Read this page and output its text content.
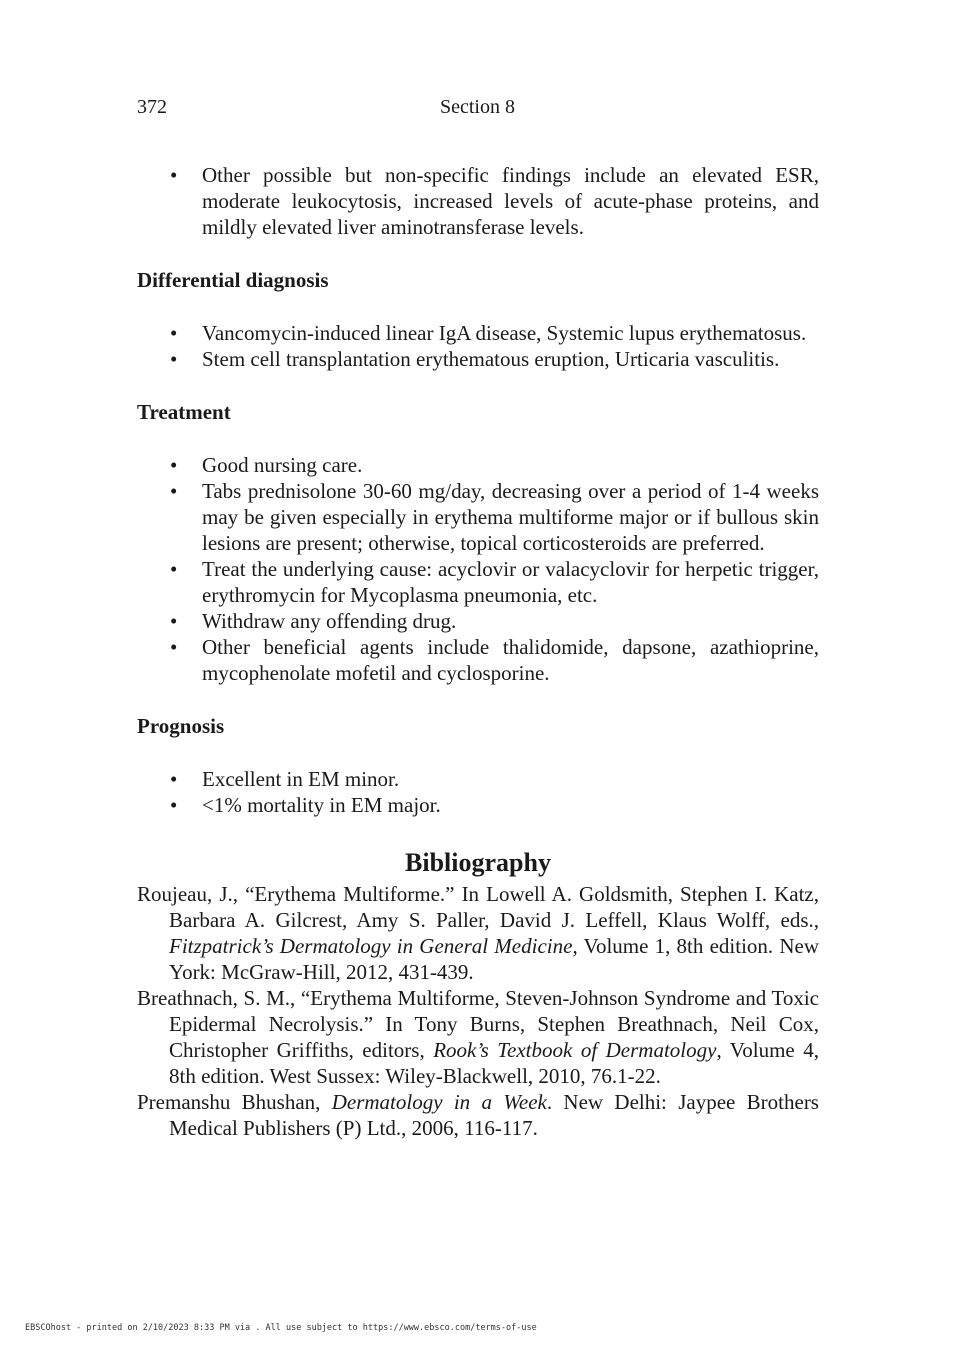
372	Section 8
• Other possible but non-specific findings include an elevated ESR, moderate leukocytosis, increased levels of acute-phase proteins, and mildly elevated liver aminotransferase levels.

Differential diagnosis

• Vancomycin-induced linear IgA disease, Systemic lupus erythematosus.
• Stem cell transplantation erythematous eruption, Urticaria vasculitis.

Treatment

• Good nursing care.
• Tabs prednisolone 30-60 mg/day, decreasing over a period of 1-4 weeks may be given especially in erythema multiforme major or if bullous skin lesions are present; otherwise, topical corticosteroids are preferred.
• Treat the underlying cause: acyclovir or valacyclovir for herpetic trigger, erythromycin for Mycoplasma pneumonia, etc.
• Withdraw any offending drug.
• Other beneficial agents include thalidomide, dapsone, azathioprine, mycophenolate mofetil and cyclosporine.

Prognosis

• Excellent in EM minor.
• <1% mortality in EM major.

Bibliography

Roujeau, J., “Erythema Multiforme.” In Lowell A. Goldsmith, Stephen I. Katz, Barbara A. Gilcrest, Amy S. Paller, David J. Leffell, Klaus Wolff, eds., Fitzpatrick’s Dermatology in General Medicine, Volume 1, 8th edition. New York: McGraw-Hill, 2012, 431-439.

Breathnach, S. M., “Erythema Multiforme, Steven-Johnson Syndrome and Toxic Epidermal Necrolysis.” In Tony Burns, Stephen Breathnach, Neil Cox, Christopher Griffiths, editors, Rook’s Textbook of Dermatology, Volume 4, 8th edition. West Sussex: Wiley-Blackwell, 2010, 76.1-22.

Premanshu Bhushan, Dermatology in a Week. New Delhi: Jaypee Brothers Medical Publishers (P) Ltd., 2006, 116-117.

EBSCOhost - printed on 2/10/2023 8:33 PM via . All use subject to https://www.ebsco.com/terms-of-use
